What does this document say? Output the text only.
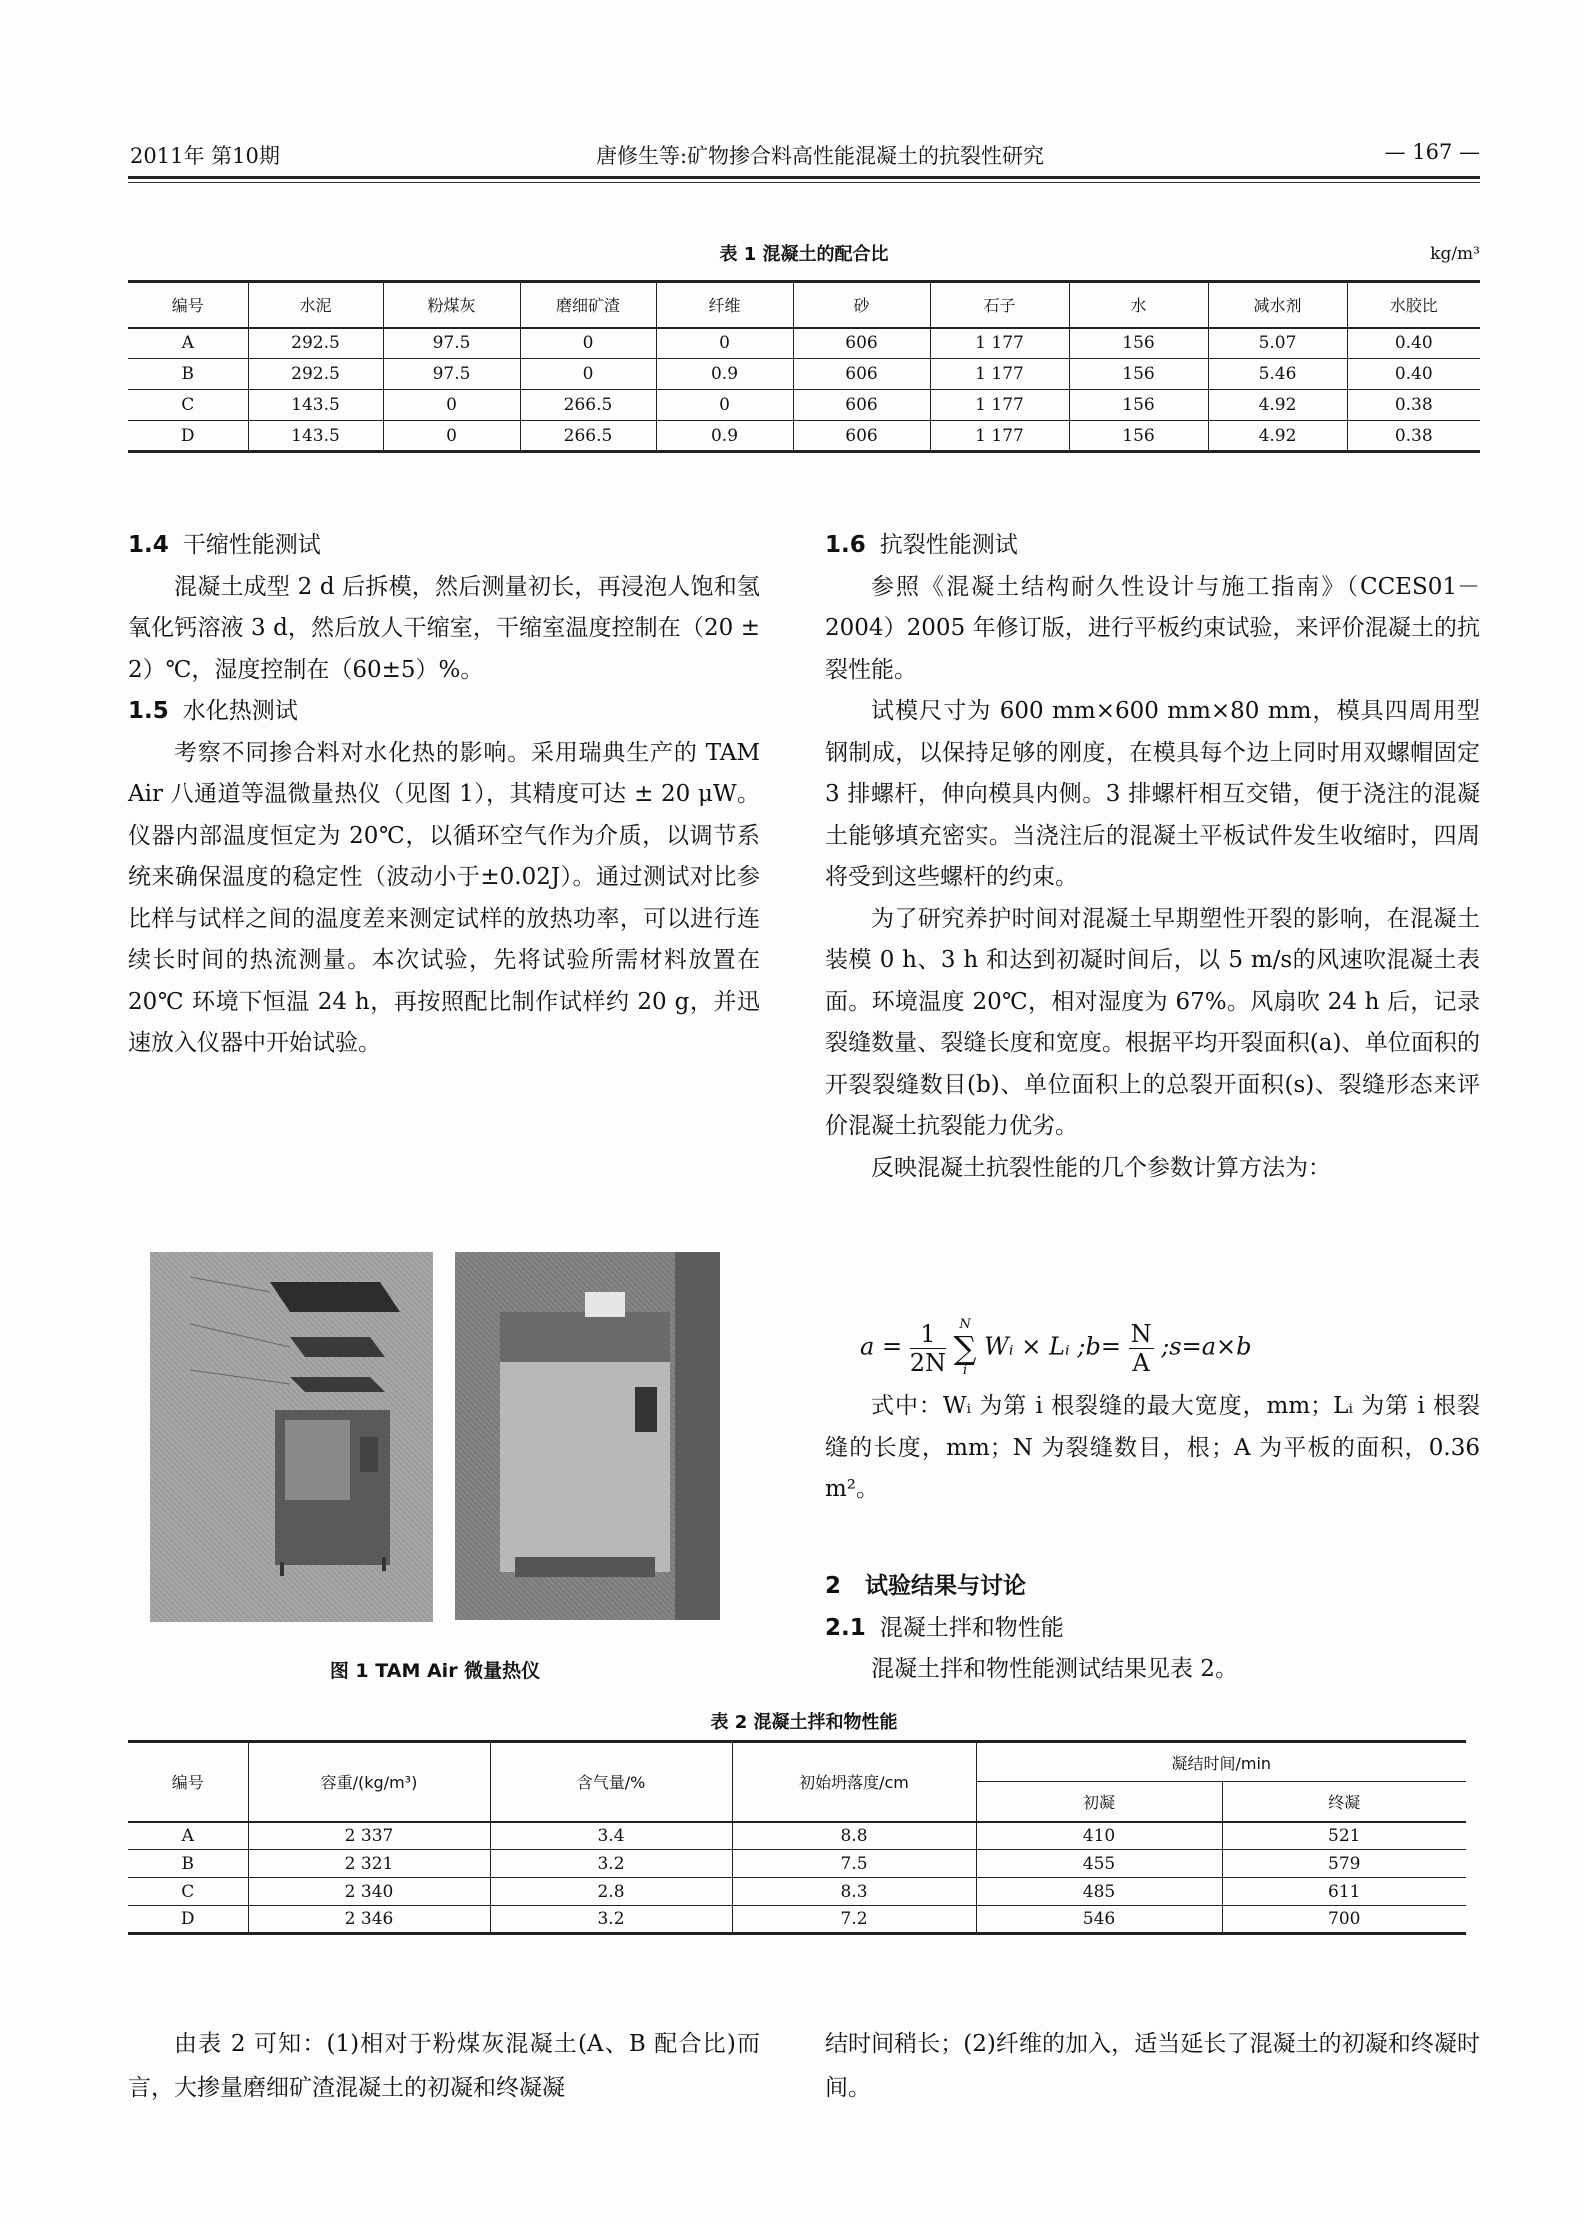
2011年 第10期	唐修生等:矿物掺合料高性能混凝土的抗裂性研究	— 167 —
表 1 混凝土的配合比	kg/m³
编号	水泥	粉煤灰	磨细矿渣	纤维	砂	石子	水	减水剂	水胶比
A	292.5	97.5	0	0	606	1 177	156	5.07	0.40
B	292.5	97.5	0	0.9	606	1 177	156	5.46	0.40
C	143.5	0	266.5	0	606	1 177	156	4.92	0.38
D	143.5	0	266.5	0.9	606	1 177	156	4.92	0.38
1.4 干缩性能测试

混凝土成型 2 d 后拆模，然后测量初长，再浸泡人饱和氢氧化钙溶液 3 d，然后放人干缩室，干缩室温度控制在（20 ± 2）℃，湿度控制在（60±5）%。

1.5 水化热测试

考察不同掺合料对水化热的影响。采用瑞典生产的 TAM Air 八通道等温微量热仪（见图 1），其精度可达 ± 20 μW。仪器内部温度恒定为 20℃，以循环空气作为介质，以调节系统来确保温度的稳定性（波动小于±0.02J）。通过测试对比参比样与试样之间的温度差来测定试样的放热功率，可以进行连续长时间的热流测量。本次试验，先将试验所需材料放置在 20℃ 环境下恒温 24 h，再按照配比制作试样约 20 g，并迅速放入仪器中开始试验。

图 1 TAM Air 微量热仪
1.6 抗裂性能测试

参照《混凝土结构耐久性设计与施工指南》（CCES01－2004）2005 年修订版，进行平板约束试验，来评价混凝土的抗裂性能。

试模尺寸为 600 mm×600 mm×80 mm，模具四周用型钢制成，以保持足够的刚度，在模具每个边上同时用双螺帽固定 3 排螺杆，伸向模具内侧。3 排螺杆相互交错，便于浇注的混凝土能够填充密实。当浇注后的混凝土平板试件发生收缩时，四周将受到这些螺杆的约束。

为了研究养护时间对混凝土早期塑性开裂的影响，在混凝土装模 0 h、3 h 和达到初凝时间后，以 5 m/s的风速吹混凝土表面。环境温度 20℃，相对湿度为 67%。风扇吹 24 h 后，记录裂缝数量、裂缝长度和宽度。根据平均开裂面积(a)、单位面积的开裂裂缝数目(b)、单位面积上的总裂开面积(s)、裂缝形态来评价混凝土抗裂能力优劣。

反映混凝土抗裂性能的几个参数计算方法为：

$a = \frac{1}{2N}$
	N
∑
i
Wᵢ × Lᵢ ;b= $\frac{N}{A}$ ;s=a×b

式中：Wᵢ 为第 i 根裂缝的最大宽度，mm；Lᵢ 为第 i 根裂缝的长度，mm；N 为裂缝数目，根；A 为平板的面积，0.36 m²。

2 试验结果与讨论
2.1 混凝土拌和物性能

混凝土拌和物性能测试结果见表 2。

表 2 混凝土拌和物性能
编号	容重/(kg/m³)	含气量/%	初始坍落度/cm	凝结时间/min	
				初凝	终凝
A	2 337	3.4	8.8	410	521
B	2 321	3.2	7.5	455	579
C	2 340	2.8	8.3	485	611
D	2 346	3.2	7.2	546	700

由表 2 可知：(1)相对于粉煤灰混凝土(A、B 配合比)而言，大掺量磨细矿渣混凝土的初凝和终凝凝

结时间稍长；(2)纤维的加入，适当延长了混凝土的初凝和终凝时间。
